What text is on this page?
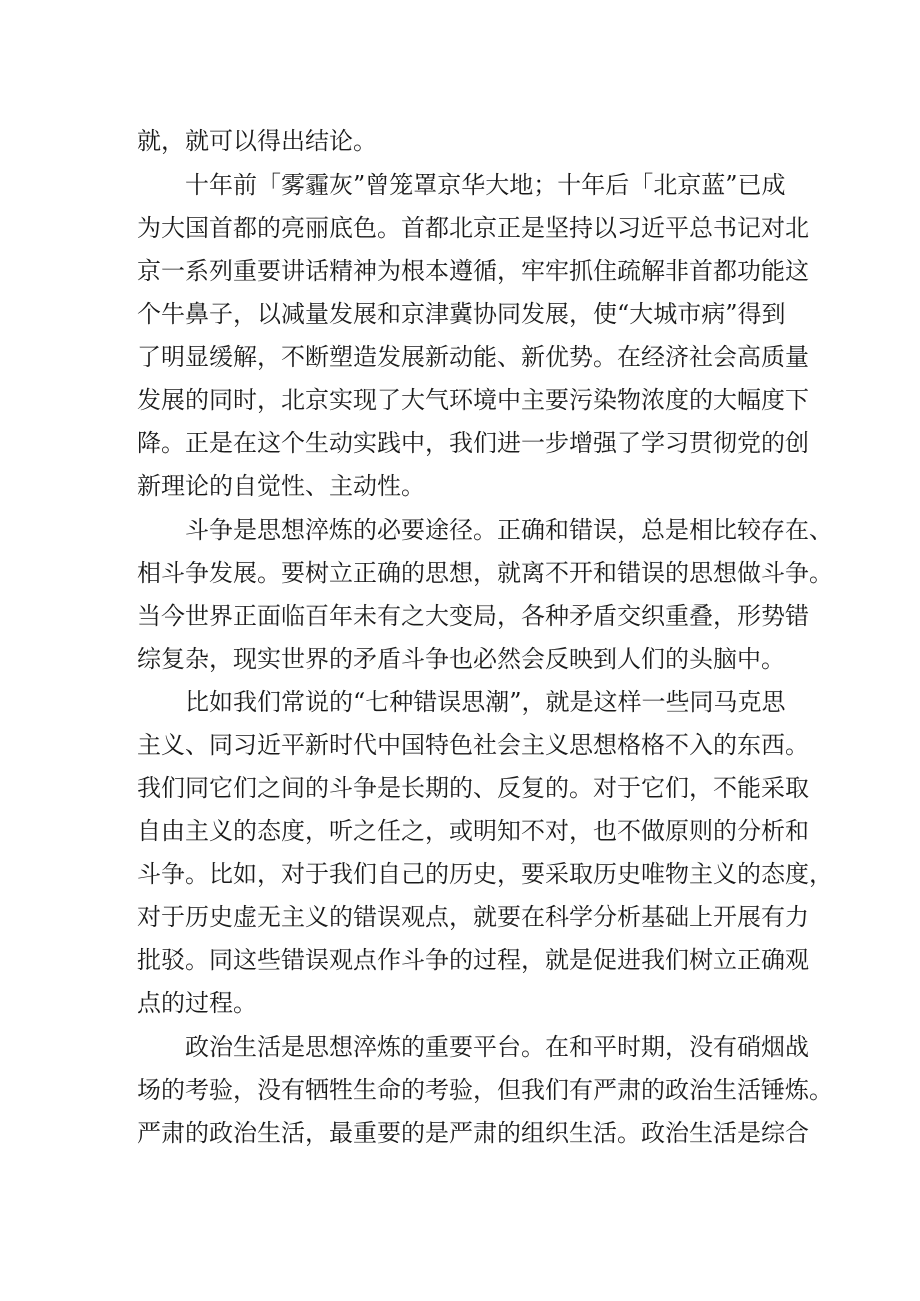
就，就可以得出结论。
十年前「雾霾灰”曾笼罩京华大地；十年后「北京蓝”已成
为大国首都的亮丽底色。首都北京正是坚持以习近平总书记对北
京一系列重要讲话精神为根本遵循，牢牢抓住疏解非首都功能这
个牛鼻子，以减量发展和京津冀协同发展，使“大城市病”得到
了明显缓解，不断塑造发展新动能、新优势。在经济社会高质量
发展的同时，北京实现了大气环境中主要污染物浓度的大幅度下
降。正是在这个生动实践中，我们进一步增强了学习贯彻党的创
新理论的自觉性、主动性。
斗争是思想淬炼的必要途径。正确和错误，总是相比较存在、
相斗争发展。要树立正确的思想，就离不开和错误的思想做斗争。
当今世界正面临百年未有之大变局，各种矛盾交织重叠，形势错
综复杂，现实世界的矛盾斗争也必然会反映到人们的头脑中。
比如我们常说的“七种错误思潮”，就是这样一些同马克思
主义、同习近平新时代中国特色社会主义思想格格不入的东西。
我们同它们之间的斗争是长期的、反复的。对于它们，不能采取
自由主义的态度，听之任之，或明知不对，也不做原则的分析和
斗争。比如，对于我们自己的历史，要采取历史唯物主义的态度，
对于历史虚无主义的错误观点，就要在科学分析基础上开展有力
批驳。同这些错误观点作斗争的过程，就是促进我们树立正确观
点的过程。
政治生活是思想淬炼的重要平台。在和平时期，没有硝烟战
场的考验，没有牺牲生命的考验，但我们有严肃的政治生活锤炼。
严肃的政治生活，最重要的是严肃的组织生活。政治生活是综合
